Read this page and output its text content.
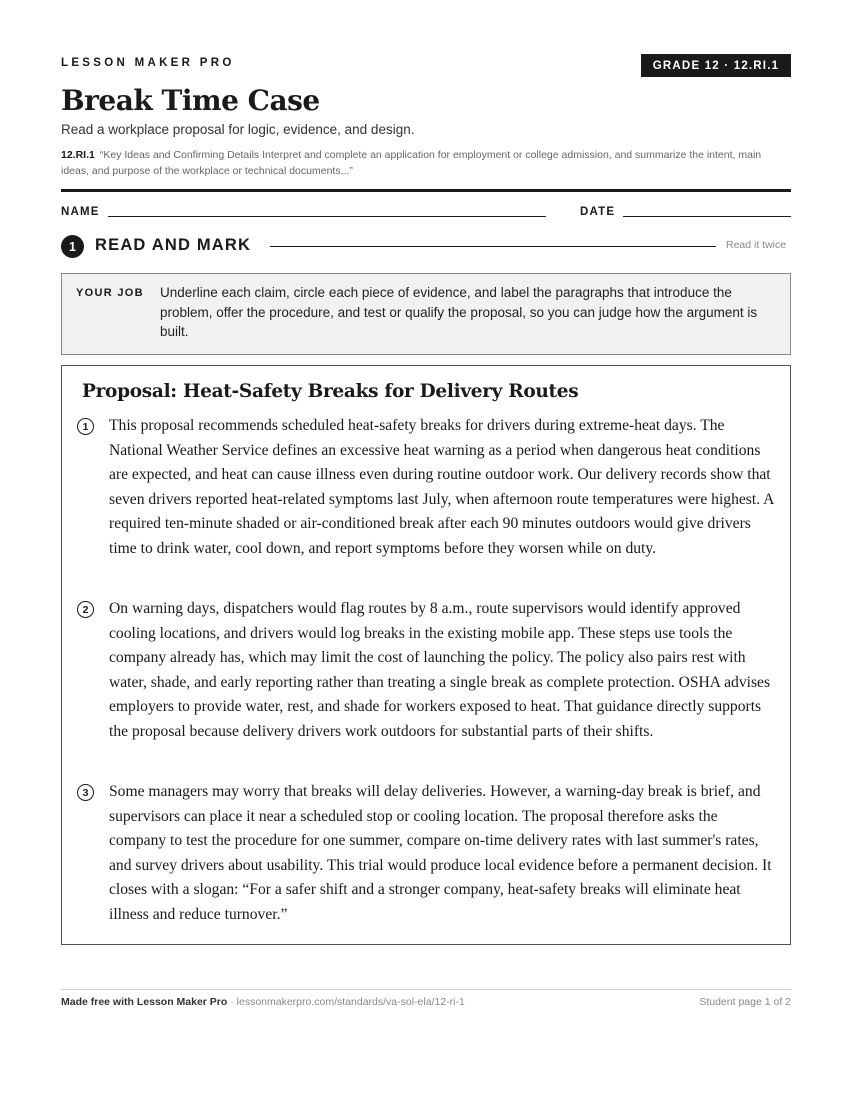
LESSON MAKER PRO	GRADE 12 · 12.RI.1
Break Time Case
Read a workplace proposal for logic, evidence, and design.
12.RI.1 “Key Ideas and Confirming Details Interpret and complete an application for employment or college admission, and summarize the intent, main ideas, and purpose of the workplace or technical documents...”
NAME	DATE
1	READ AND MARK	Read it twice
YOUR JOB Underline each claim, circle each piece of evidence, and label the paragraphs that introduce the problem, offer the procedure, and test or qualify the proposal, so you can judge how the argument is built.
Proposal: Heat-Safety Breaks for Delivery Routes
1	This proposal recommends scheduled heat-safety breaks for drivers during extreme-heat days. The National Weather Service defines an excessive heat warning as a period when dangerous heat conditions are expected, and heat can cause illness even during routine outdoor work. Our delivery records show that seven drivers reported heat-related symptoms last July, when afternoon route temperatures were highest. A required ten-minute shaded or air-conditioned break after each 90 minutes outdoors would give drivers time to drink water, cool down, and report symptoms before they worsen while on duty.

2	On warning days, dispatchers would flag routes by 8 a.m., route supervisors would identify approved cooling locations, and drivers would log breaks in the existing mobile app. These steps use tools the company already has, which may limit the cost of launching the policy. The policy also pairs rest with water, shade, and early reporting rather than treating a single break as complete protection. OSHA advises employers to provide water, rest, and shade for workers exposed to heat. That guidance directly supports the proposal because delivery drivers work outdoors for substantial parts of their shifts.

3	Some managers may worry that breaks will delay deliveries. However, a warning-day break is brief, and supervisors can place it near a scheduled stop or cooling location. The proposal therefore asks the company to test the procedure for one summer, compare on-time delivery rates with last summer's rates, and survey drivers about usability. This trial would produce local evidence before a permanent decision. It closes with a slogan: “For a safer shift and a stronger company, heat-safety breaks will eliminate heat illness and reduce turnover.”

Made free with Lesson Maker Pro · lessonmakerpro.com/standards/va-sol-ela/12-ri-1	Student page 1 of 2
